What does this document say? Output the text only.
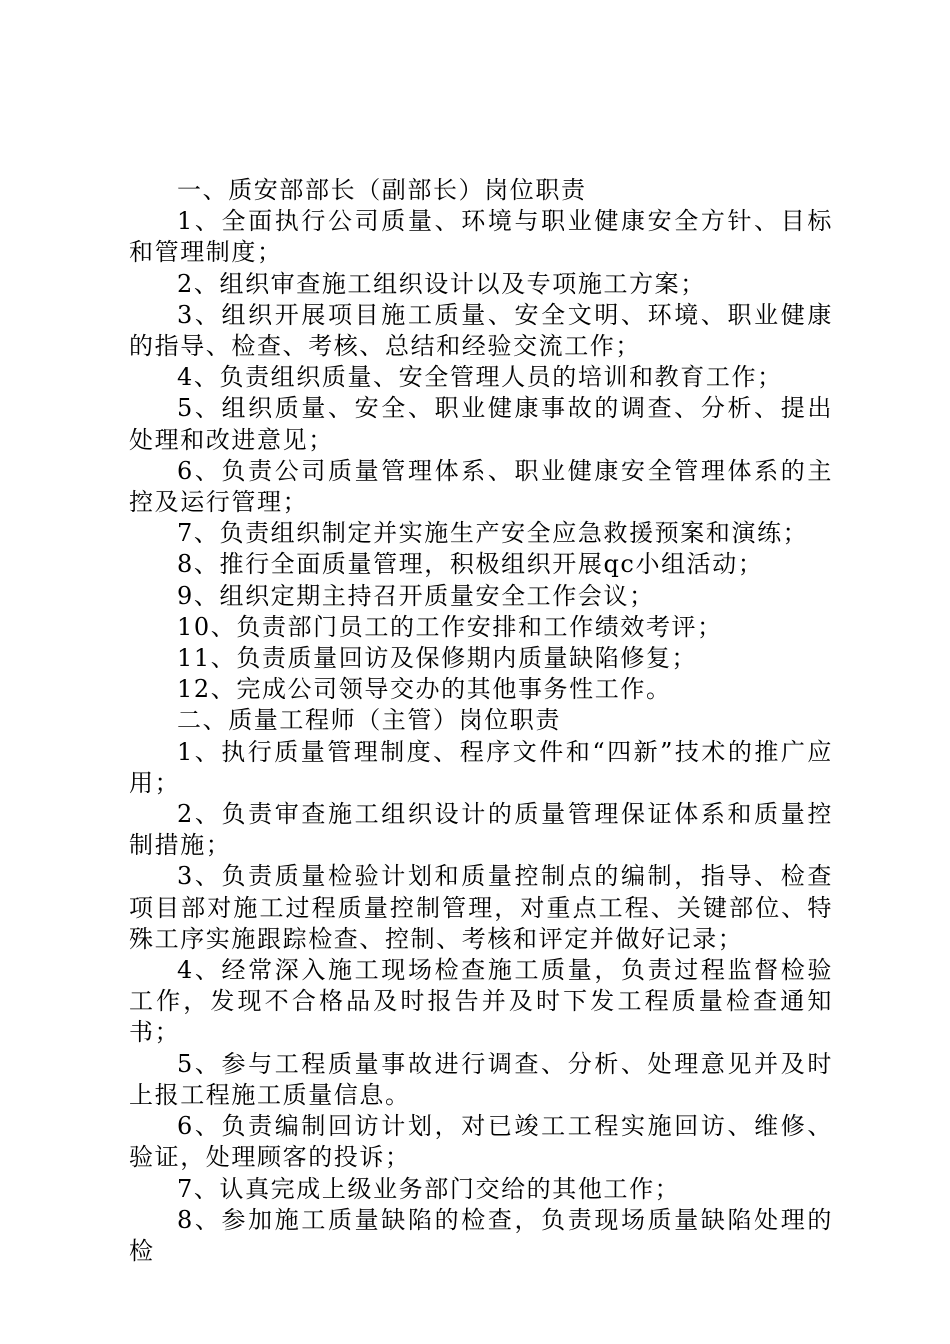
一、质安部部长（副部长）岗位职责

1、全面执行公司质量、环境与职业健康安全方针、目标和管理制度；

2、组织审查施工组织设计以及专项施工方案；

3、组织开展项目施工质量、安全文明、环境、职业健康的指导、检查、考核、总结和经验交流工作；

4、负责组织质量、安全管理人员的培训和教育工作；

5、组织质量、安全、职业健康事故的调查、分析、提出处理和改进意见；

6、负责公司质量管理体系、职业健康安全管理体系的主控及运行管理；

7、负责组织制定并实施生产安全应急救援预案和演练；

8、推行全面质量管理，积极组织开展qc小组活动；

9、组织定期主持召开质量安全工作会议；

10、负责部门员工的工作安排和工作绩效考评；

11、负责质量回访及保修期内质量缺陷修复；

12、完成公司领导交办的其他事务性工作。

二、质量工程师（主管）岗位职责

1、执行质量管理制度、程序文件和“四新”技术的推广应用；

2、负责审查施工组织设计的质量管理保证体系和质量控制措施；

3、负责质量检验计划和质量控制点的编制，指导、检查项目部对施工过程质量控制管理，对重点工程、关键部位、特殊工序实施跟踪检查、控制、考核和评定并做好记录；

4、经常深入施工现场检查施工质量，负责过程监督检验工作，发现不合格品及时报告并及时下发工程质量检查通知书；

5、参与工程质量事故进行调查、分析、处理意见并及时上报工程施工质量信息。

6、负责编制回访计划，对已竣工工程实施回访、维修、验证，处理顾客的投诉；

7、认真完成上级业务部门交给的其他工作；

8、参加施工质量缺陷的检查，负责现场质量缺陷处理的检
